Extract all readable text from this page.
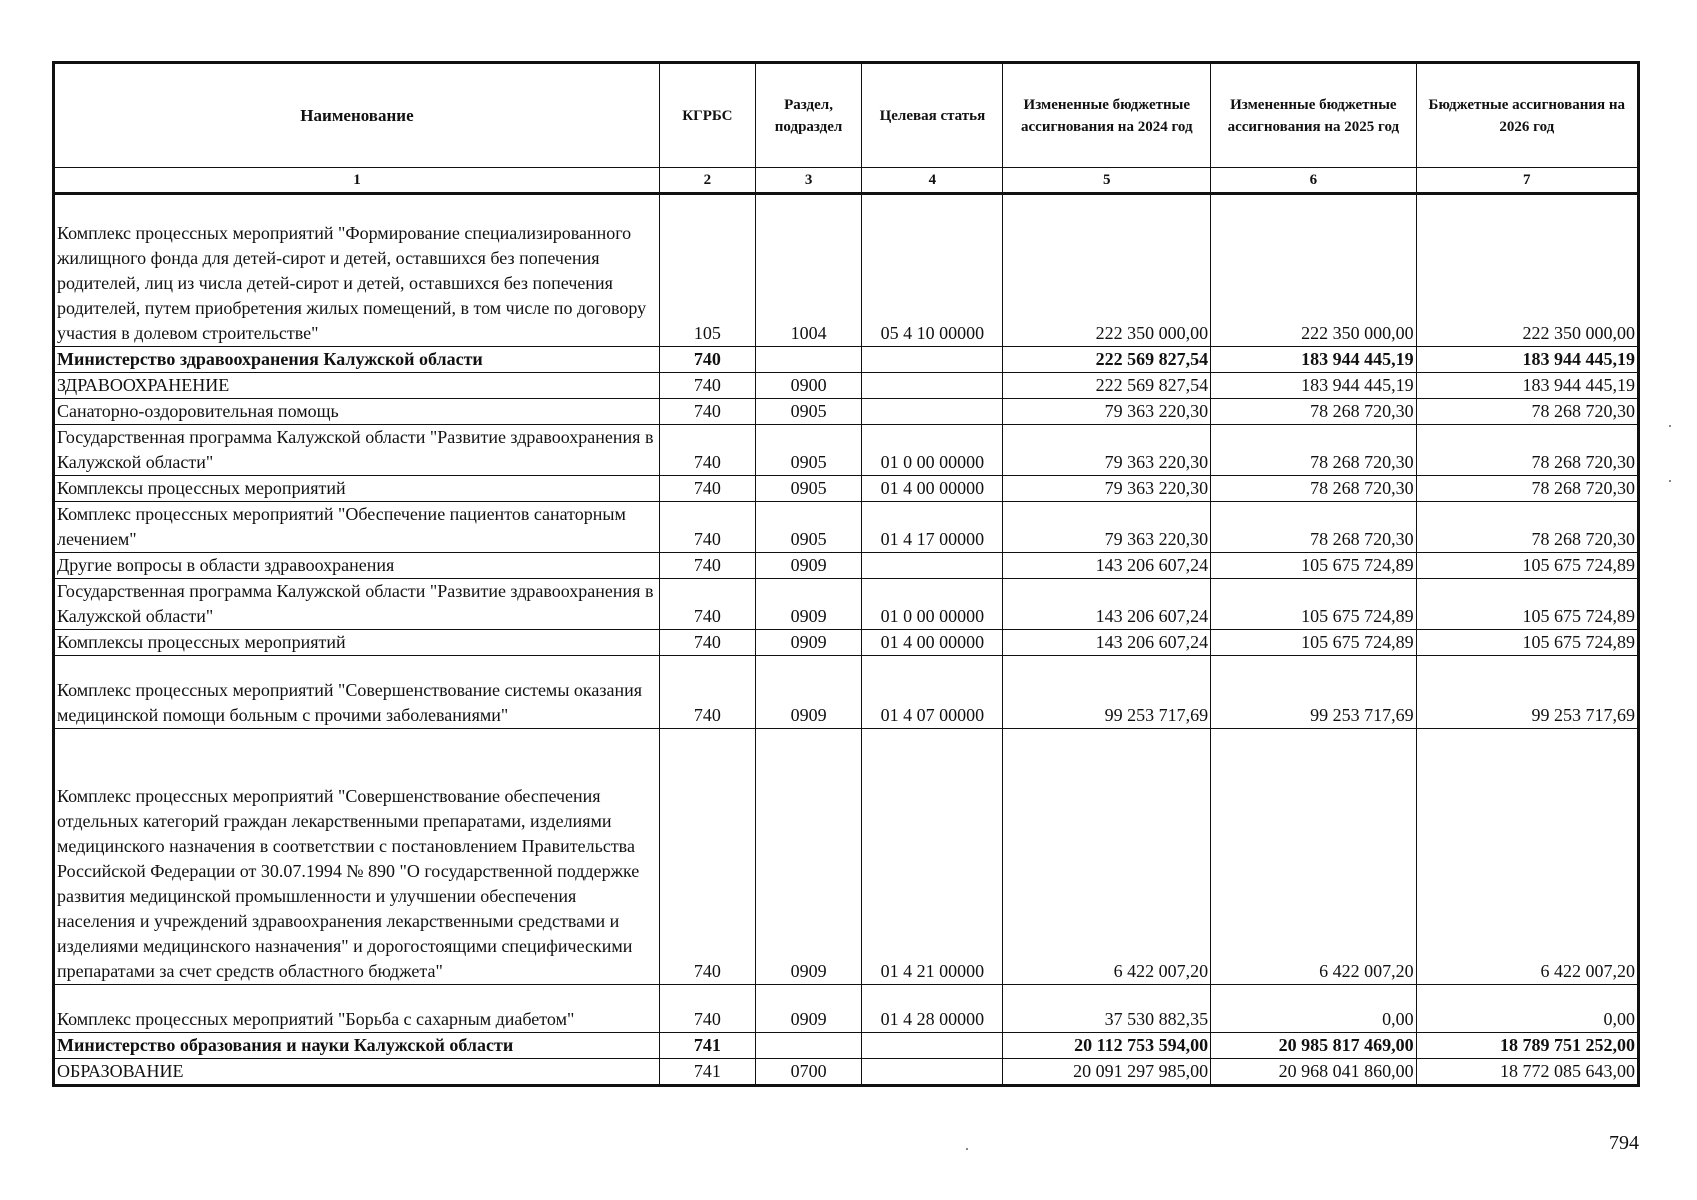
Наименование	КГРБС	Раздел, подраздел	Целевая статья	Измененные бюджетные ассигнования на 2024 год	Измененные бюджетные ассигнования на 2025 год	Бюджетные ассигнования на 2026 год
1	2	3	4	5	6	7
Комплекс процессных мероприятий "Формирование специализированного жилищного фонда для детей-сирот и детей, оставшихся без попечения родителей, лиц из числа детей-сирот и детей, оставшихся без попечения родителей, путем приобретения жилых помещений, в том числе по договору участия в долевом строительстве"	105	1004	05 4 10 00000	222 350 000,00	222 350 000,00	222 350 000,00
Министерство здравоохранения Калужской области	740			222 569 827,54	183 944 445,19	183 944 445,19
ЗДРАВООХРАНЕНИЕ	740	0900		222 569 827,54	183 944 445,19	183 944 445,19
Санаторно-оздоровительная помощь	740	0905		79 363 220,30	78 268 720,30	78 268 720,30
Государственная программа Калужской области "Развитие здравоохранения в Калужской области"	740	0905	01 0 00 00000	79 363 220,30	78 268 720,30	78 268 720,30
Комплексы процессных мероприятий	740	0905	01 4 00 00000	79 363 220,30	78 268 720,30	78 268 720,30
Комплекс процессных мероприятий "Обеспечение пациентов санаторным лечением"	740	0905	01 4 17 00000	79 363 220,30	78 268 720,30	78 268 720,30
Другие вопросы в области здравоохранения	740	0909		143 206 607,24	105 675 724,89	105 675 724,89
Государственная программа Калужской области "Развитие здравоохранения в Калужской области"	740	0909	01 0 00 00000	143 206 607,24	105 675 724,89	105 675 724,89
Комплексы процессных мероприятий	740	0909	01 4 00 00000	143 206 607,24	105 675 724,89	105 675 724,89
Комплекс процессных мероприятий "Совершенствование системы оказания медицинской помощи больным с прочими заболеваниями"	740	0909	01 4 07 00000	99 253 717,69	99 253 717,69	99 253 717,69
Комплекс процессных мероприятий "Совершенствование обеспечения отдельных категорий граждан лекарственными препаратами, изделиями медицинского назначения в соответствии с постановлением Правительства Российской Федерации от 30.07.1994 № 890 "О государственной поддержке развития медицинской промышленности и улучшении обеспечения населения и учреждений здравоохранения лекарственными средствами и изделиями медицинского назначения" и дорогостоящими специфическими препаратами за счет средств областного бюджета"	740	0909	01 4 21 00000	6 422 007,20	6 422 007,20	6 422 007,20
Комплекс процессных мероприятий "Борьба с сахарным диабетом"	740	0909	01 4 28 00000	37 530 882,35	0,00	0,00
Министерство образования и науки Калужской области	741			20 112 753 594,00	20 985 817 469,00	18 789 751 252,00
ОБРАЗОВАНИЕ	741	0700		20 091 297 985,00	20 968 041 860,00	18 772 085 643,00
794
